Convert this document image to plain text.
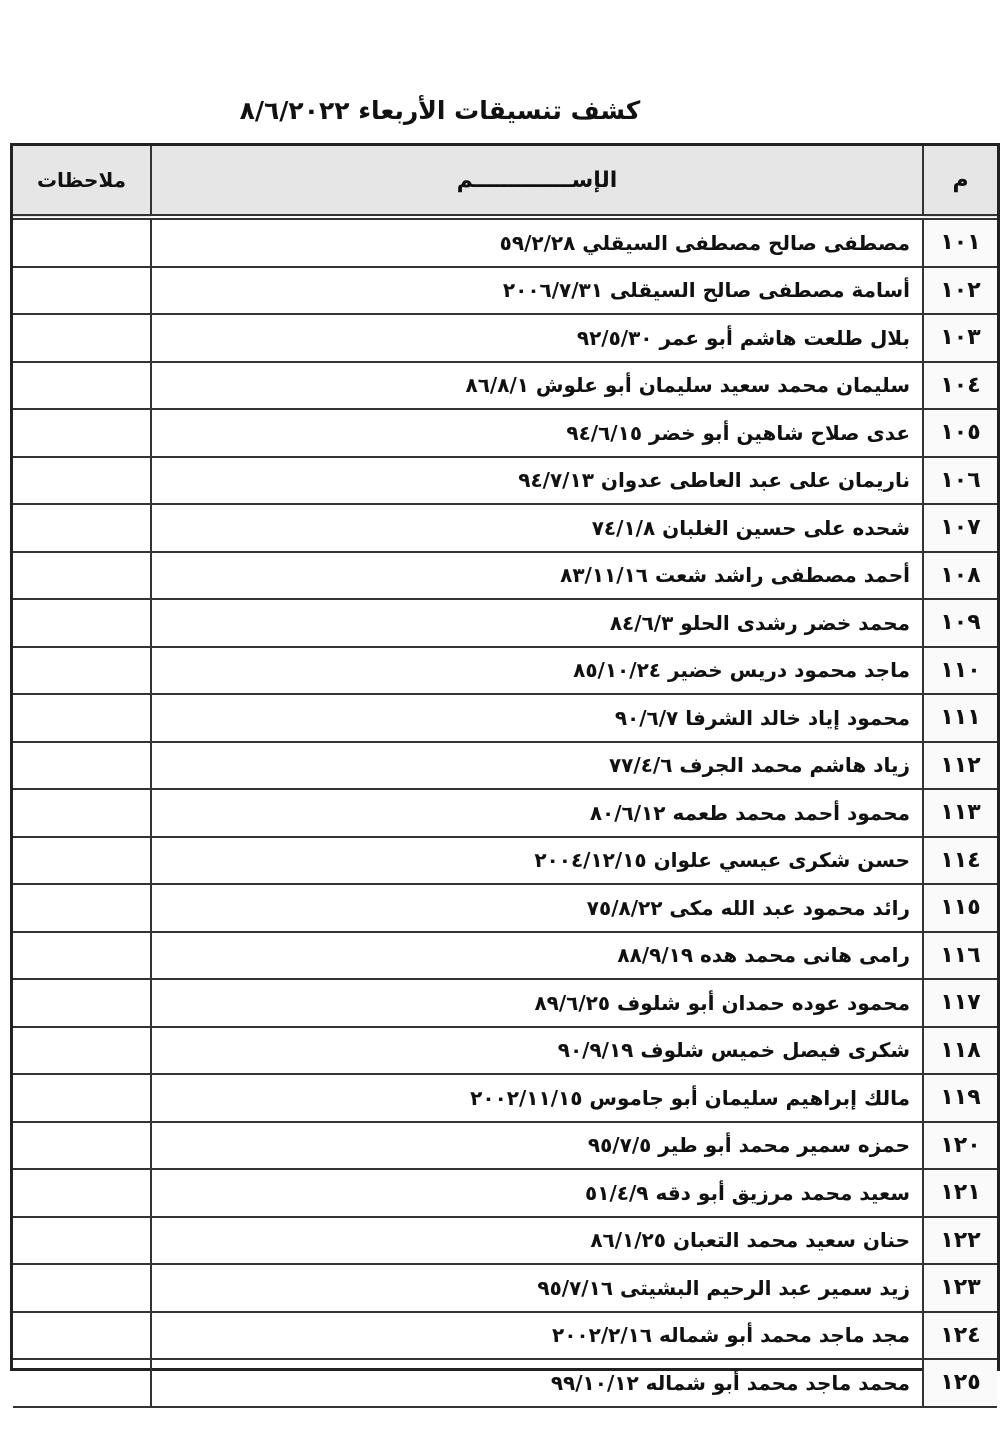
كشف تنسيقات الأربعاء ٨/٦/٢٠٢٢
م	الإســـــــــــــم	ملاحظات
١٠١	مصطفى صالح مصطفى السيقلي ٥٩/٢/٢٨	
١٠٢	أسامة مصطفى صالح السيقلى ٢٠٠٦/٧/٣١	
١٠٣	بلال طلعت هاشم أبو عمر ٩٢/٥/٣٠	
١٠٤	سليمان محمد سعيد سليمان أبو علوش ٨٦/٨/١	
١٠٥	عدى صلاح شاهين أبو خضر ٩٤/٦/١٥	
١٠٦	ناريمان على عبد العاطى عدوان ٩٤/٧/١٣	
١٠٧	شحده على حسين الغلبان ٧٤/١/٨	
١٠٨	أحمد مصطفى راشد شعت ٨٣/١١/١٦	
١٠٩	محمد خضر رشدى الحلو ٨٤/٦/٣	
١١٠	ماجد محمود دريس خضير ٨٥/١٠/٢٤	
١١١	محمود إياد خالد الشرفا ٩٠/٦/٧	
١١٢	زياد هاشم محمد الجرف ٧٧/٤/٦	
١١٣	محمود أحمد محمد طعمه ٨٠/٦/١٢	
١١٤	حسن شكرى عيسي علوان ٢٠٠٤/١٢/١٥	
١١٥	رائد محمود عبد الله مكى ٧٥/٨/٢٢	
١١٦	رامى هانى محمد هده ٨٨/٩/١٩	
١١٧	محمود عوده حمدان أبو شلوف ٨٩/٦/٢٥	
١١٨	شكرى فيصل خميس شلوف ٩٠/٩/١٩	
١١٩	مالك إبراهيم سليمان أبو جاموس ٢٠٠٢/١١/١٥	
١٢٠	حمزه سمير محمد أبو طير ٩٥/٧/٥	
١٢١	سعيد محمد مرزيق أبو دقه ٥١/٤/٩	
١٢٢	حنان سعيد محمد التعبان ٨٦/١/٢٥	
١٢٣	زيد سمير عبد الرحيم البشيتى ٩٥/٧/١٦	
١٢٤	مجد ماجد محمد أبو شماله ٢٠٠٢/٢/١٦	
١٢٥	محمد ماجد محمد أبو شماله ٩٩/١٠/١٢	
